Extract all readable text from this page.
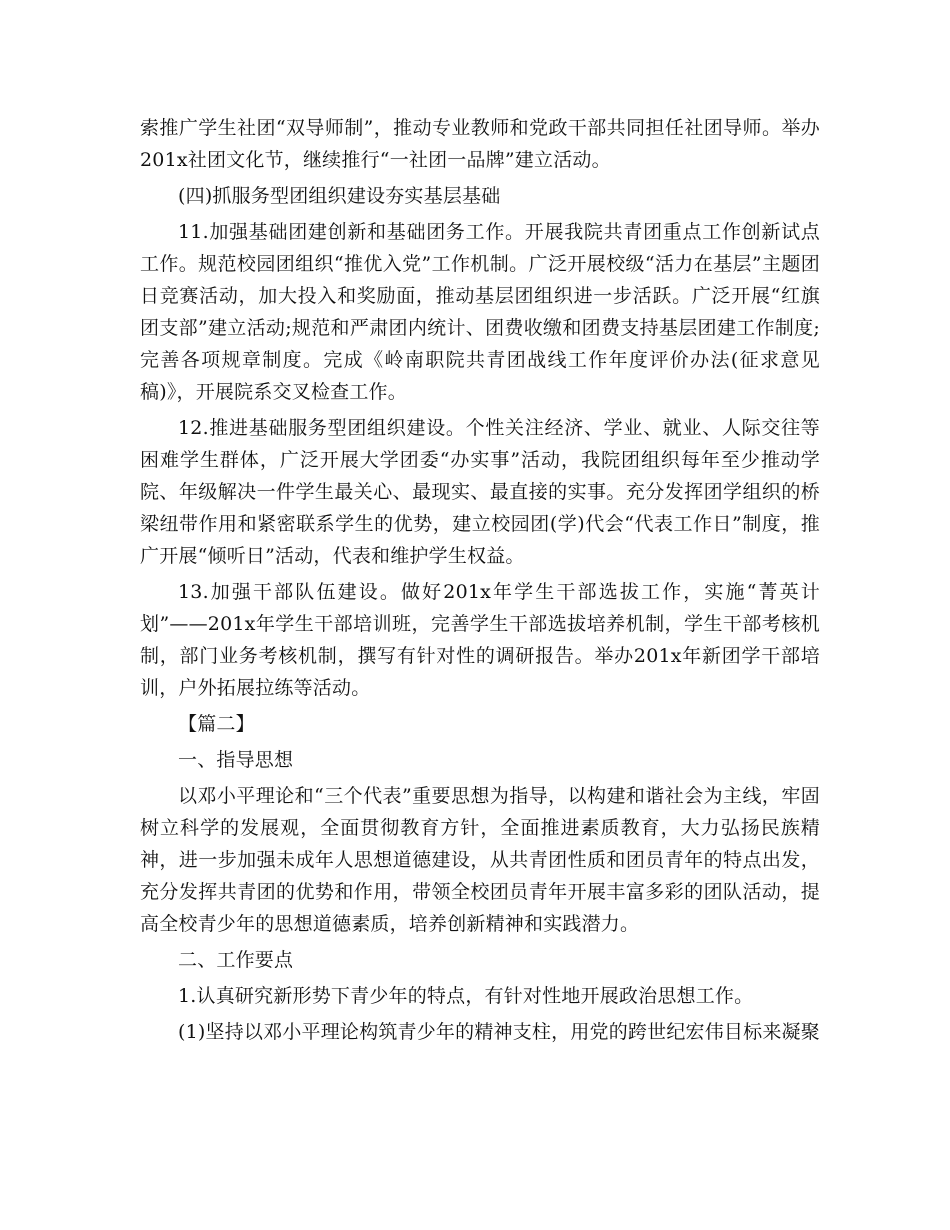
索推广学生社团“双导师制”，推动专业教师和党政干部共同担任社团导师。举办201x社团文化节，继续推行“一社团一品牌”建立活动。

(四)抓服务型团组织建设夯实基层基础

11.加强基础团建创新和基础团务工作。开展我院共青团重点工作创新试点工作。规范校园团组织“推优入党”工作机制。广泛开展校级“活力在基层”主题团日竞赛活动，加大投入和奖励面，推动基层团组织进一步活跃。广泛开展“红旗团支部”建立活动;规范和严肃团内统计、团费收缴和团费支持基层团建工作制度;完善各项规章制度。完成《岭南职院共青团战线工作年度评价办法(征求意见稿)》，开展院系交叉检查工作。

12.推进基础服务型团组织建设。个性关注经济、学业、就业、人际交往等困难学生群体，广泛开展大学团委“办实事”活动，我院团组织每年至少推动学院、年级解决一件学生最关心、最现实、最直接的实事。充分发挥团学组织的桥梁纽带作用和紧密联系学生的优势，建立校园团(学)代会“代表工作日”制度，推广开展“倾听日”活动，代表和维护学生权益。

13.加强干部队伍建设。做好201x年学生干部选拔工作，实施“菁英计划”——201x年学生干部培训班，完善学生干部选拔培养机制，学生干部考核机制，部门业务考核机制，撰写有针对性的调研报告。举办201x年新团学干部培训，户外拓展拉练等活动。

【篇二】

一、指导思想

以邓小平理论和“三个代表”重要思想为指导，以构建和谐社会为主线，牢固树立科学的发展观，全面贯彻教育方针，全面推进素质教育，大力弘扬民族精神，进一步加强未成年人思想道德建设，从共青团性质和团员青年的特点出发，充分发挥共青团的优势和作用，带领全校团员青年开展丰富多彩的团队活动，提高全校青少年的思想道德素质，培养创新精神和实践潜力。

二、工作要点

1.认真研究新形势下青少年的特点，有针对性地开展政治思想工作。

(1)坚持以邓小平理论构筑青少年的精神支柱，用党的跨世纪宏伟目标来凝聚
